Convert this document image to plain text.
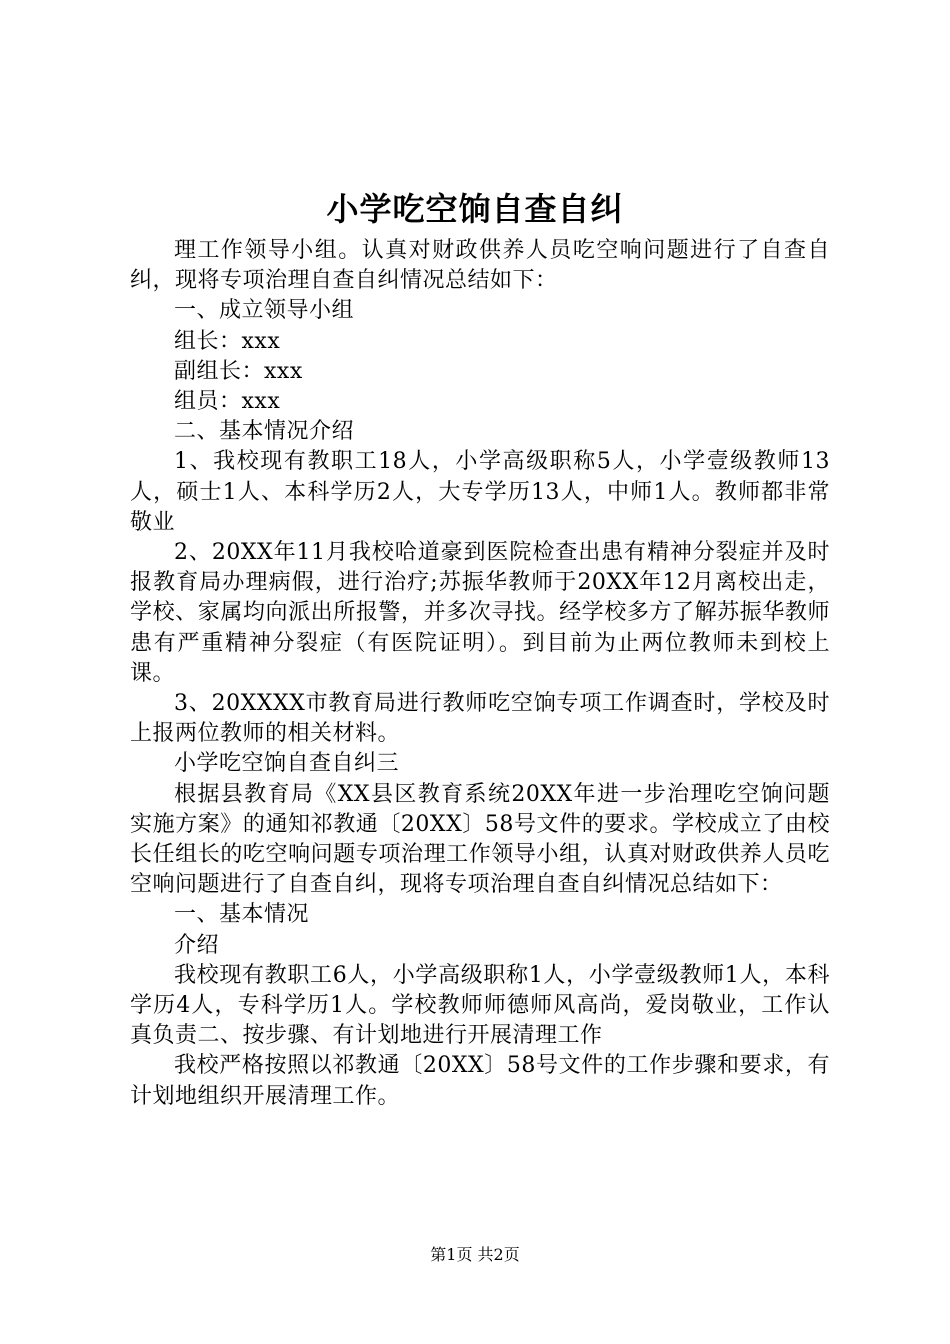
小学吃空饷自查自纠

理工作领导小组。认真对财政供养人员吃空响问题进行了自查自纠，现将专项治理自查自纠情况总结如下：

一、成立领导小组

组长：xxx

副组长：xxx

组员：xxx

二、基本情况介绍

1、我校现有教职工18人，小学高级职称5人，小学壹级教师13人，硕士1人、本科学历2人，大专学历13人，中师1人。教师都非常敬业

2、20XX年11月我校哈道豪到医院检查出患有精神分裂症并及时报教育局办理病假，进行治疗;苏振华教师于20XX年12月离校出走，学校、家属均向派出所报警，并多次寻找。经学校多方了解苏振华教师患有严重精神分裂症（有医院证明）。到目前为止两位教师未到校上课。

3、20XXXX市教育局进行教师吃空饷专项工作调查时，学校及时上报两位教师的相关材料。

小学吃空饷自查自纠三

根据县教育局《XX县区教育系统20XX年进一步治理吃空饷问题实施方案》的通知祁教通〔20XX〕58号文件的要求。学校成立了由校长任组长的吃空响问题专项治理工作领导小组，认真对财政供养人员吃空响问题进行了自查自纠，现将专项治理自查自纠情况总结如下：

一、基本情况

介绍

我校现有教职工6人，小学高级职称1人，小学壹级教师1人，本科学历4人，专科学历1人。学校教师师德师风高尚，爱岗敬业，工作认真负责二、按步骤、有计划地进行开展清理工作

我校严格按照以祁教通〔20XX〕58号文件的工作步骤和要求，有计划地组织开展清理工作。

第1页 共2页
